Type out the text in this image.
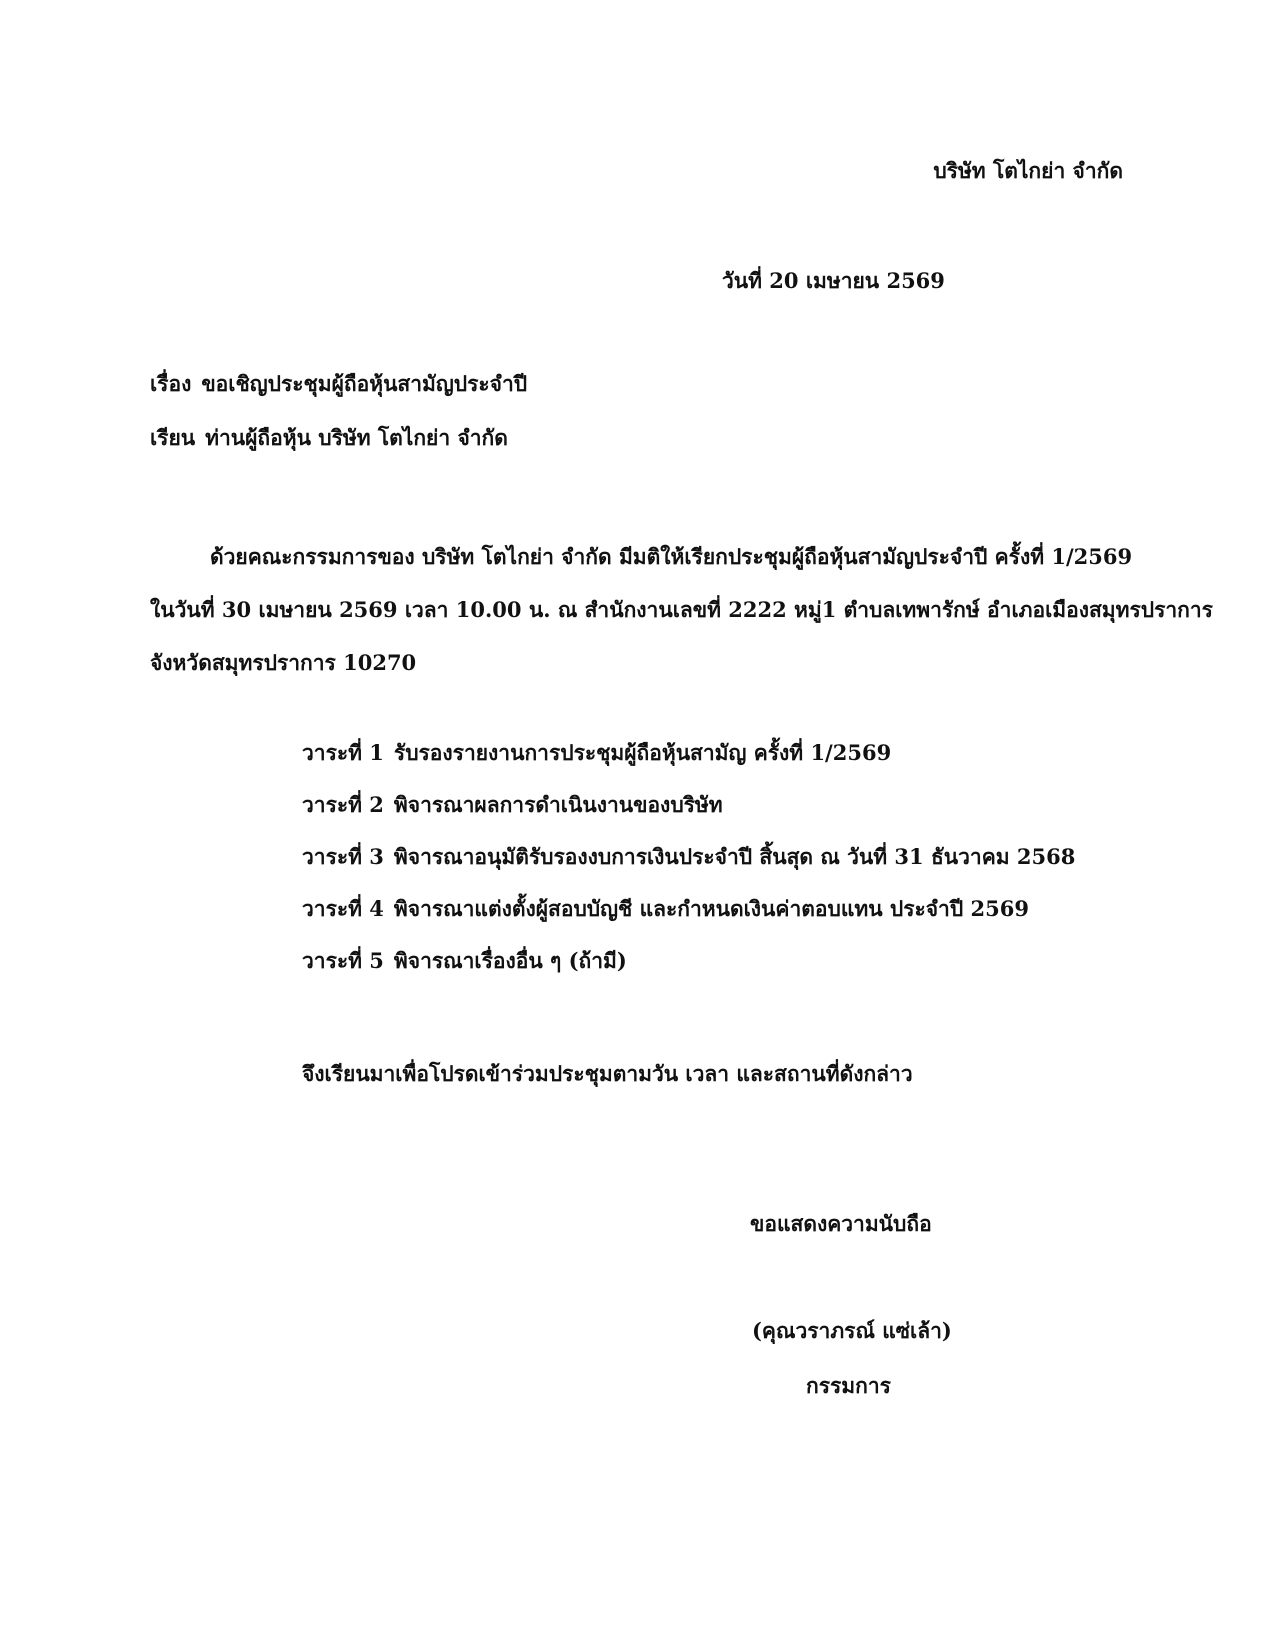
บริษัท โตไกย่า จำกัด
วันที่ 20 เมษายน 2569
เรื่อง ขอเชิญประชุมผู้ถือหุ้นสามัญประจำปี
เรียน ท่านผู้ถือหุ้น บริษัท โตไกย่า จำกัด
ด้วยคณะกรรมการของ บริษัท โตไกย่า จำกัด มีมติให้เรียกประชุมผู้ถือหุ้นสามัญประจำปี ครั้งที่ 1/2569
ในวันที่ 30 เมษายน 2569 เวลา 10.00 น. ณ สำนักงานเลขที่ 2222 หมู่1 ตำบลเทพารักษ์ อำเภอเมืองสมุทรปราการ
จังหวัดสมุทรปราการ 10270
วาระที่ 1 รับรองรายงานการประชุมผู้ถือหุ้นสามัญ ครั้งที่ 1/2569
วาระที่ 2 พิจารณาผลการดำเนินงานของบริษัท
วาระที่ 3 พิจารณาอนุมัติรับรองงบการเงินประจำปี สิ้นสุด ณ วันที่ 31 ธันวาคม 2568
วาระที่ 4 พิจารณาแต่งตั้งผู้สอบบัญชี และกำหนดเงินค่าตอบแทน ประจำปี 2569
วาระที่ 5 พิจารณาเรื่องอื่น ๆ (ถ้ามี)
จึงเรียนมาเพื่อโปรดเข้าร่วมประชุมตามวัน เวลา และสถานที่ดังกล่าว
ขอแสดงความนับถือ
(คุณวราภรณ์ แซ่เล้า)
กรรมการ
